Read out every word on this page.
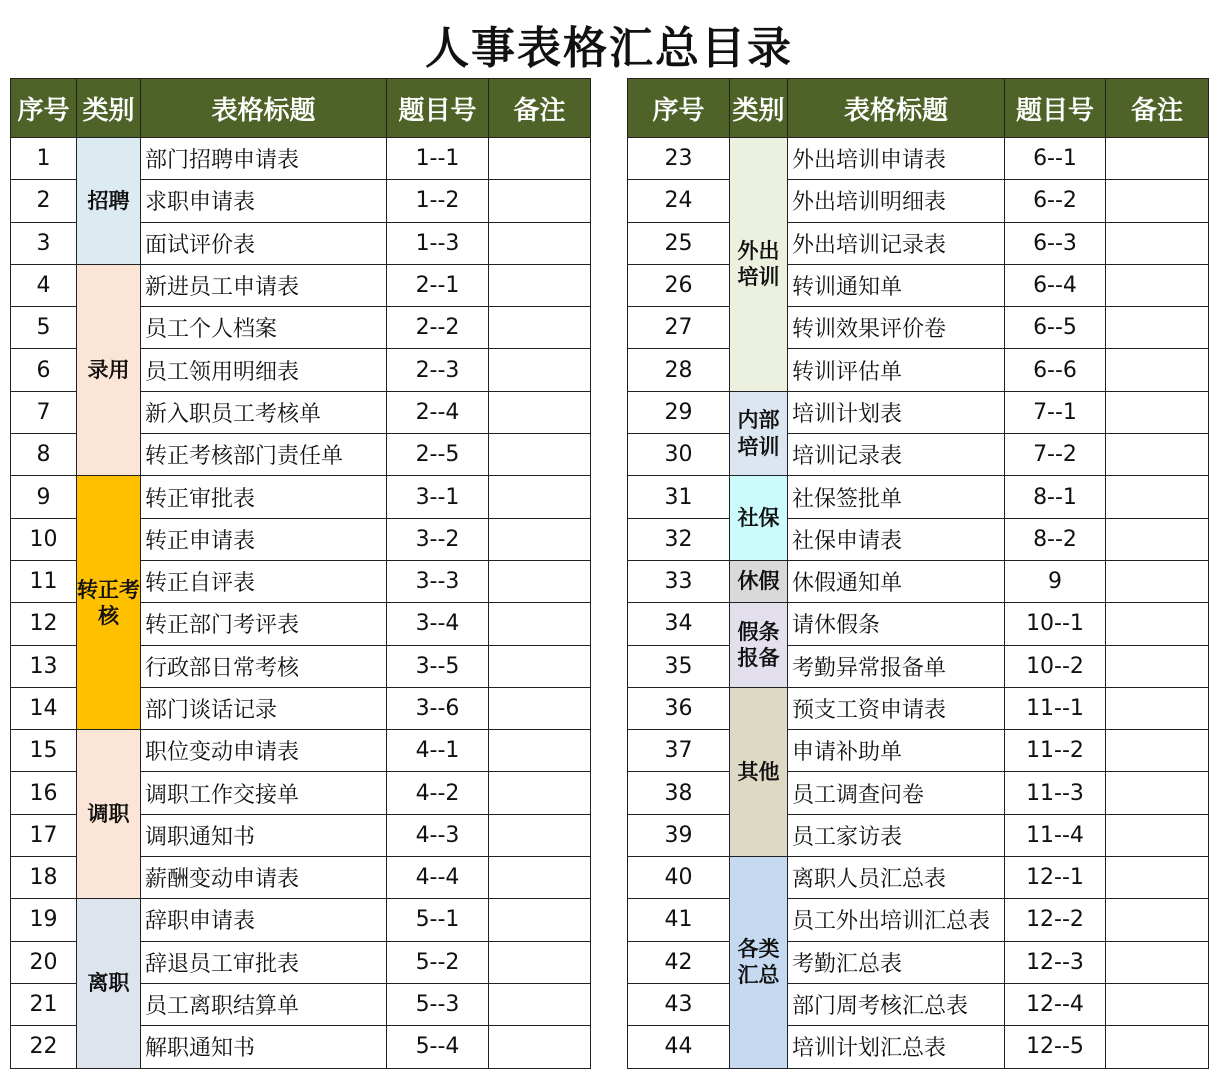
人事表格汇总目录
序号	类别	表格标题	题目号	备注
1	招聘	部门招聘申请表	1--1	
2		求职申请表	1--2	
3		面试评价表	1--3	
4	录用	新进员工申请表	2--1	
5		员工个人档案	2--2	
6		员工领用明细表	2--3	
7		新入职员工考核单	2--4	
8		转正考核部门责任单	2--5	
9	转正考核	转正审批表	3--1	
10		转正申请表	3--2	
11		转正自评表	3--3	
12		转正部门考评表	3--4	
13		行政部日常考核	3--5	
14		部门谈话记录	3--6	
15	调职	职位变动申请表	4--1	
16		调职工作交接单	4--2	
17		调职通知书	4--3	
18		薪酬变动申请表	4--4	
19	离职	辞职申请表	5--1	
20		辞退员工审批表	5--2	
21		员工离职结算单	5--3	
22		解职通知书	5--4	
序号	类别	表格标题	题目号	备注
23	外出培训	外出培训申请表	6--1	
24		外出培训明细表	6--2	
25		外出培训记录表	6--3	
26		转训通知单	6--4	
27		转训效果评价卷	6--5	
28		转训评估单	6--6	
29	内部培训	培训计划表	7--1	
30		培训记录表	7--2	
31	社保	社保签批单	8--1	
32		社保申请表	8--2	
33	休假	休假通知单	9	
34	假条报备	请休假条	10--1	
35		考勤异常报备单	10--2	
36	其他	预支工资申请表	11--1	
37		申请补助单	11--2	
38		员工调查问卷	11--3	
39		员工家访表	11--4	
40	各类汇总	离职人员汇总表	12--1	
41		员工外出培训汇总表	12--2	
42		考勤汇总表	12--3	
43		部门周考核汇总表	12--4	
44		培训计划汇总表	12--5	
